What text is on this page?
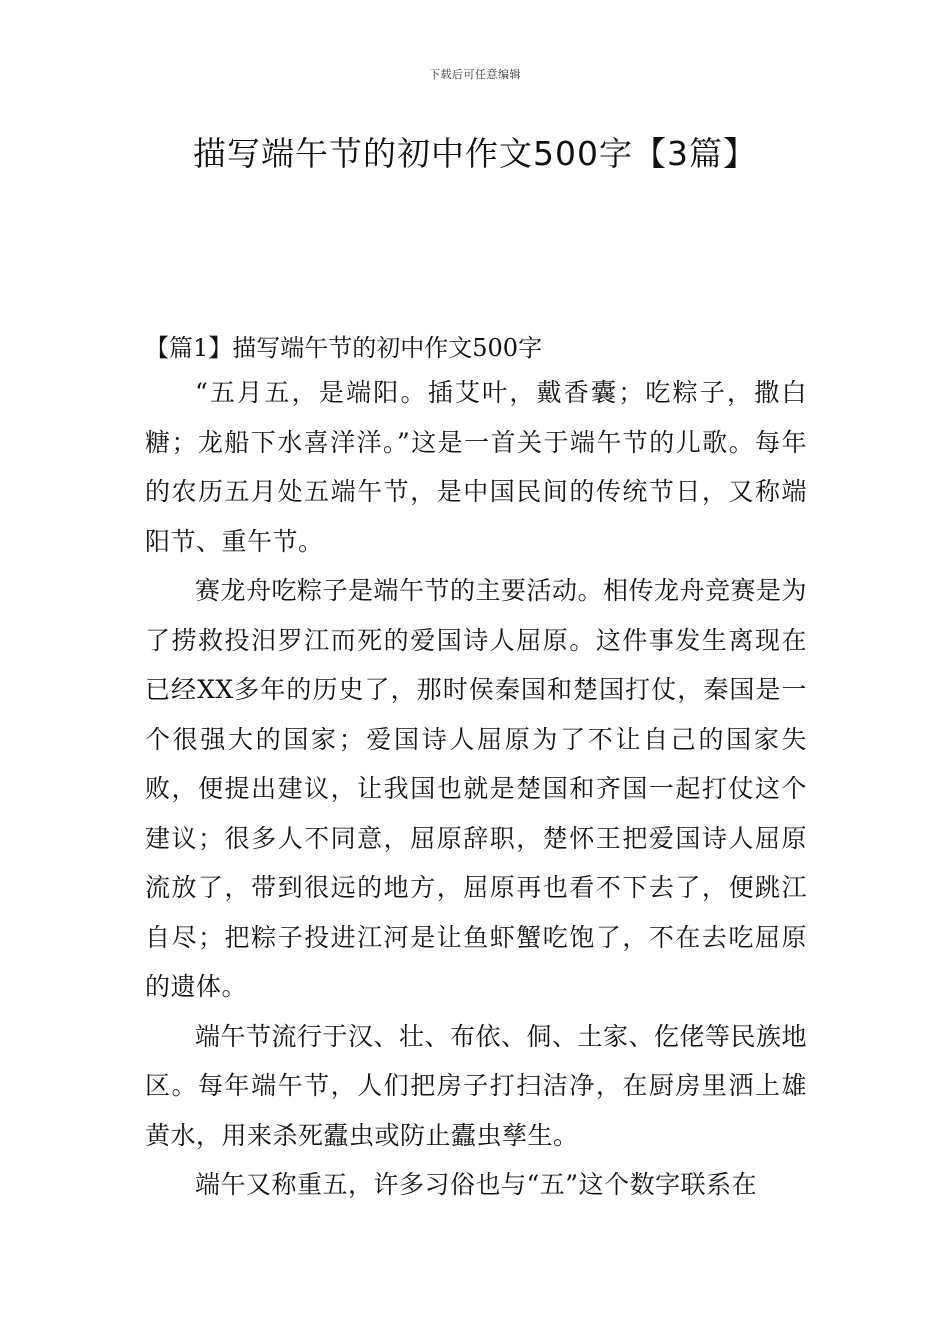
下载后可任意编辑
描写端午节的初中作文500字【3篇】
【篇1】描写端午节的初中作文500字

“五月五，是端阳。插艾叶，戴香囊；吃粽子，撒白糖；龙船下水喜洋洋。”这是一首关于端午节的儿歌。每年的农历五月处五端午节，是中国民间的传统节日，又称端阳节、重午节。

赛龙舟吃粽子是端午节的主要活动。相传龙舟竞赛是为了捞救投汨罗江而死的爱国诗人屈原。这件事发生离现在已经XX多年的历史了，那时侯秦国和楚国打仗，秦国是一个很强大的国家；爱国诗人屈原为了不让自己的国家失败，便提出建议，让我国也就是楚国和齐国一起打仗这个建议；很多人不同意，屈原辞职，楚怀王把爱国诗人屈原流放了，带到很远的地方，屈原再也看不下去了，便跳江自尽；把粽子投进江河是让鱼虾蟹吃饱了，不在去吃屈原的遗体。

端午节流行于汉、壮、布依、侗、土家、仡佬等民族地区。每年端午节，人们把房子打扫洁净，在厨房里洒上雄黄水，用来杀死蠹虫或防止蠹虫孳生。

端午又称重五，许多习俗也与“五”这个数字联系在
